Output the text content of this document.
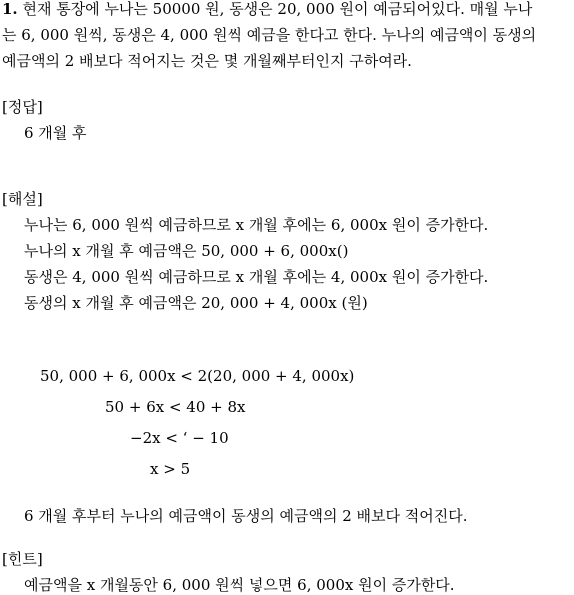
1. 현재 통장에 누나는 50000 원, 동생은 20, 000 원이 예금되어있다. 매월 누나
는 6, 000 원씩, 동생은 4, 000 원씩 예금을 한다고 한다. 누나의 예금액이 동생의
예금액의 2 배보다 적어지는 것은 몇 개월째부터인지 구하여라.
[정답]
6 개월 후
[해설]
누나는 6, 000 원씩 예금하므로 x 개월 후에는 6, 000x 원이 증가한다.
누나의 x 개월 후 예금액은 50, 000 + 6, 000x()
동생은 4, 000 원씩 예금하므로 x 개월 후에는 4, 000x 원이 증가한다.
동생의 x 개월 후 예금액은 20, 000 + 4, 000x (원)
50, 000 + 6, 000x < 2(20, 000 + 4, 000x)
50 + 6x < 40 + 8x
−2x < ‘ − 10
x > 5
6 개월 후부터 누나의 예금액이 동생의 예금액의 2 배보다 적어진다.
[힌트]
예금액을 x 개월동안 6, 000 원씩 넣으면 6, 000x 원이 증가한다.
